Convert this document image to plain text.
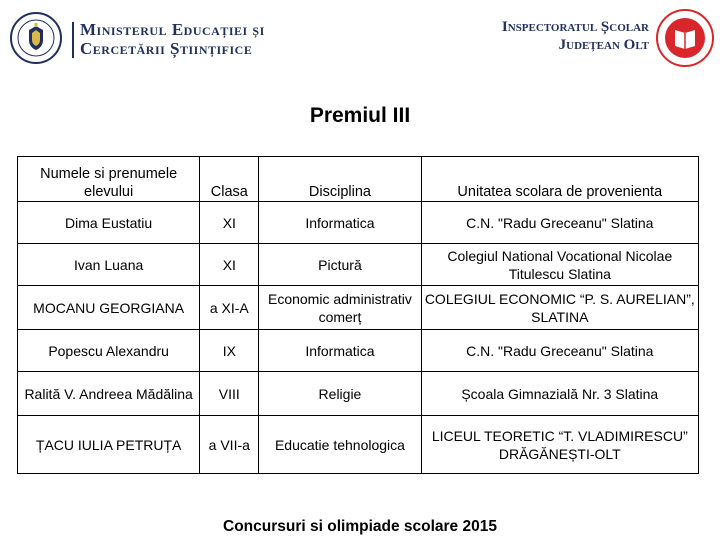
Ministerul Educației și
Cercetării Științifice
Inspectoratul Școlar
Județean Olt
Premiul III
Numele si prenumele elevului	Clasa	Disciplina	Unitatea scolara de provenienta
Dima Eustatiu	XI	Informatica	C.N. "Radu Greceanu" Slatina
Ivan Luana	XI	Pictură	Colegiul National Vocational Nicolae Titulescu Slatina
MOCANU GEORGIANA	a XI-A	Economic administrativ comerț	COLEGIUL ECONOMIC “P. S. AURELIAN”, SLATINA
Popescu Alexandru	IX	Informatica	C.N. "Radu Greceanu" Slatina
Ralită V. Andreea Mădălina	VIII	Religie	Școala Gimnazială Nr. 3 Slatina
ȚACU IULIA PETRUȚA	a VII-a	Educatie tehnologica	LICEUL TEORETIC “T. VLADIMIRESCU” DRĂGĂNEȘTI-OLT
Concursuri si olimpiade scolare 2015
